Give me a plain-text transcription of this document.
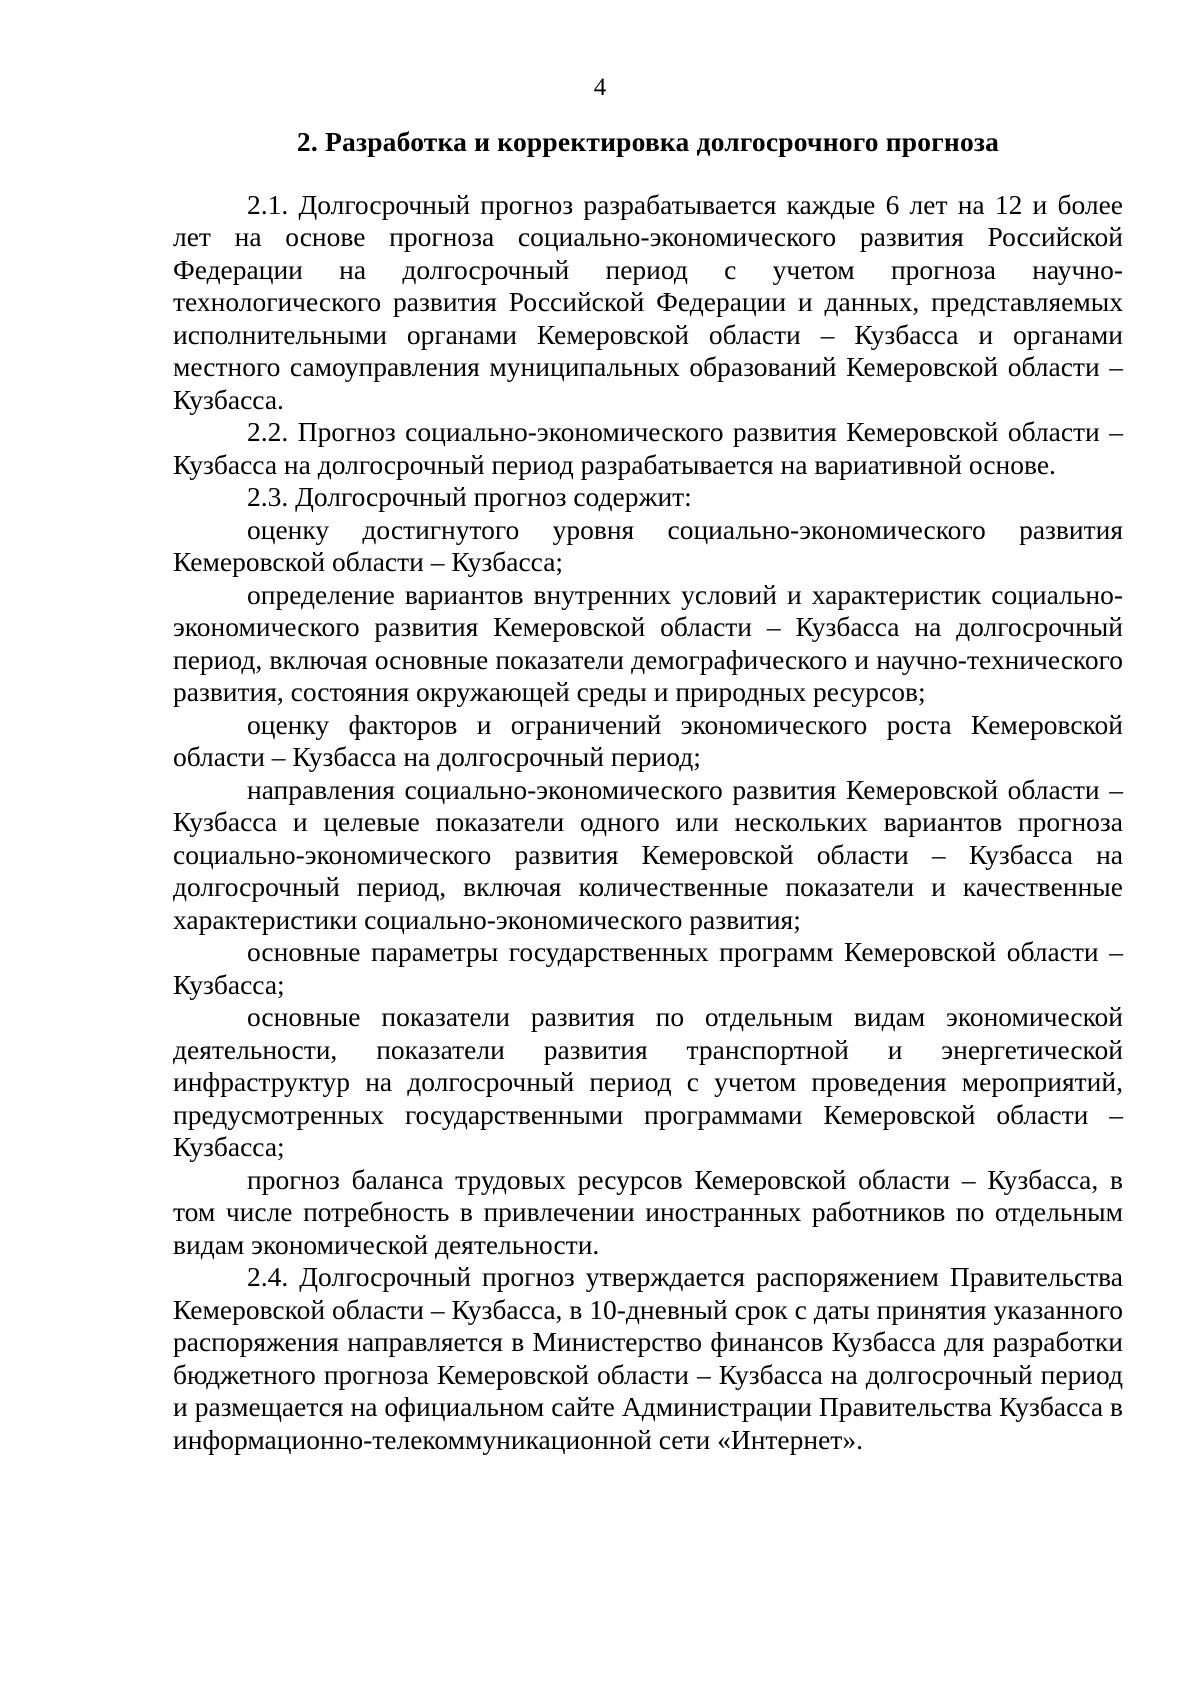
4
2. Разработка и корректировка долгосрочного прогноза

2.1. Долгосрочный прогноз разрабатывается каждые 6 лет на 12 и более лет на основе прогноза социально-экономического развития Российской Федерации на долгосрочный период с учетом прогноза научно-технологического развития Российской Федерации и данных, представляемых исполнительными органами Кемеровской области – Кузбасса и органами местного самоуправления муниципальных образований Кемеровской области – Кузбасса.

2.2. Прогноз социально-экономического развития Кемеровской области – Кузбасса на долгосрочный период разрабатывается на вариативной основе.

2.3. Долгосрочный прогноз содержит:

оценку достигнутого уровня социально-экономического развития Кемеровской области – Кузбасса;

определение вариантов внутренних условий и характеристик социально-экономического развития Кемеровской области – Кузбасса на долгосрочный период, включая основные показатели демографического и научно-технического развития, состояния окружающей среды и природных ресурсов;

оценку факторов и ограничений экономического роста Кемеровской области – Кузбасса на долгосрочный период;

направления социально-экономического развития Кемеровской области – Кузбасса и целевые показатели одного или нескольких вариантов прогноза социально-экономического развития Кемеровской области – Кузбасса на долгосрочный период, включая количественные показатели и качественные характеристики социально-экономического развития;

основные параметры государственных программ Кемеровской области – Кузбасса;

основные показатели развития по отдельным видам экономической деятельности, показатели развития транспортной и энергетической инфраструктур на долгосрочный период с учетом проведения мероприятий, предусмотренных государственными программами Кемеровской области – Кузбасса;

прогноз баланса трудовых ресурсов Кемеровской области – Кузбасса, в том числе потребность в привлечении иностранных работников по отдельным видам экономической деятельности.

2.4. Долгосрочный прогноз утверждается распоряжением Правительства Кемеровской области – Кузбасса, в 10-дневный срок с даты принятия указанного распоряжения направляется в Министерство финансов Кузбасса для разработки бюджетного прогноза Кемеровской области – Кузбасса на долгосрочный период и размещается на официальном сайте Администрации Правительства Кузбасса в информационно-телекоммуникационной сети «Интернет».
